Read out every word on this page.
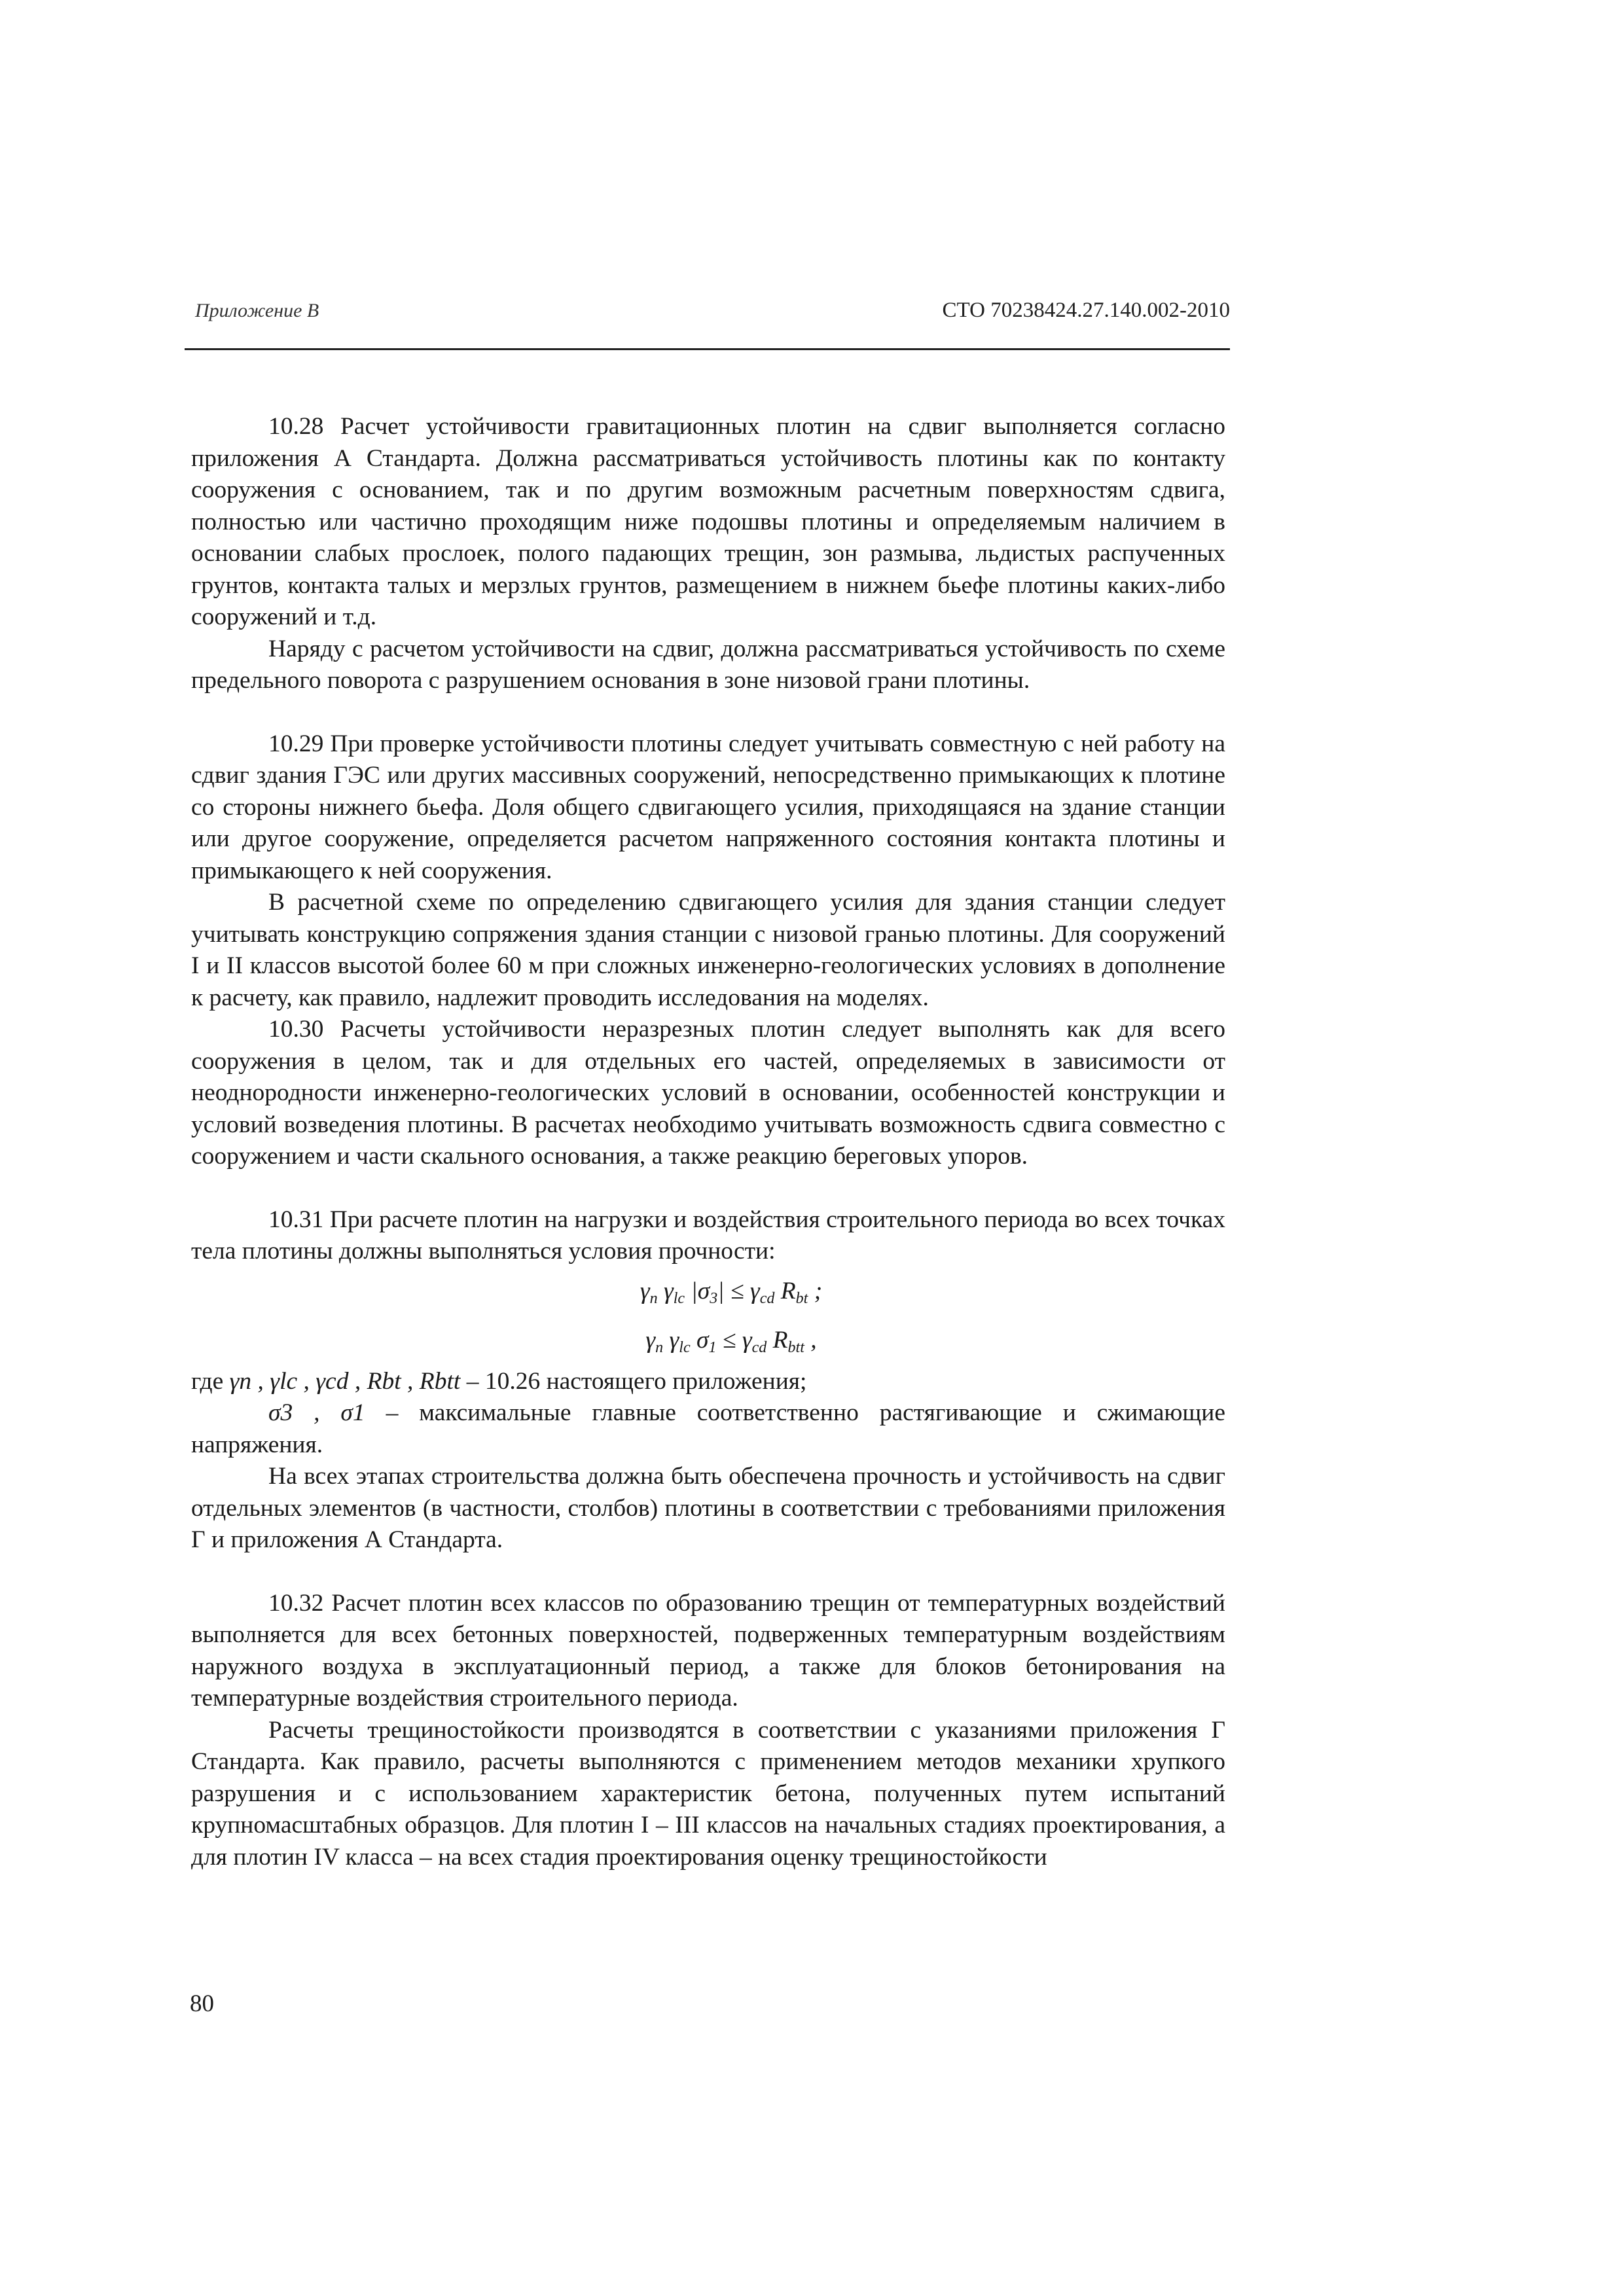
Приложение В	СТО 70238424.27.140.002-2010

10.28 Расчет устойчивости гравитационных плотин на сдвиг выполняется согласно приложения А Стандарта. Должна рассматриваться устойчивость плотины как по контакту сооружения с основанием, так и по другим возможным расчетным поверхностям сдвига, полностью или частично проходящим ниже подошвы плотины и определяемым наличием в основании слабых прослоек, полого падающих трещин, зон размыва, льдистых распученных грунтов, контакта талых и мерзлых грунтов, размещением в нижнем бьефе плотины каких-либо сооружений и т.д.

Наряду с расчетом устойчивости на сдвиг, должна рассматриваться устойчивость по схеме предельного поворота с разрушением основания в зоне низовой грани плотины.

10.29 При проверке устойчивости плотины следует учитывать совместную с ней работу на сдвиг здания ГЭС или других массивных сооружений, непосредственно примыкающих к плотине со стороны нижнего бьефа. Доля общего сдвигающего усилия, приходящаяся на здание станции или другое сооружение, определяется расчетом напряженного состояния контакта плотины и примыкающего к ней сооружения.

В расчетной схеме по определению сдвигающего усилия для здания станции следует учитывать конструкцию сопряжения здания станции с низовой гранью плотины. Для сооружений I и II классов высотой более 60 м при сложных инженерно-геологических условиях в дополнение к расчету, как правило, надлежит проводить исследования на моделях.

10.30 Расчеты устойчивости неразрезных плотин следует выполнять как для всего сооружения в целом, так и для отдельных его частей, определяемых в зависимости от неоднородности инженерно-геологических условий в основании, особенностей конструкции и условий возведения плотины. В расчетах необходимо учитывать возможность сдвига совместно с сооружением и части скального основания, а также реакцию береговых упоров.

10.31 При расчете плотин на нагрузки и воздействия строительного периода во всех точках тела плотины должны выполняться условия прочности:

$\gamma_n$ $\gamma_{lc}$ $|\sigma_3| \le \gamma_{cd}$ $R_{bt}$ ;
$\gamma_n$ $\gamma_{lc}$ $\sigma_1 \le \gamma_{cd}$ $R_{btt}$ ,

где γn , γlc , γcd , Rbt , Rbtt – 10.26 настоящего приложения;

σ3 , σ1 – максимальные главные соответственно растягивающие и сжимающие напряжения.

На всех этапах строительства должна быть обеспечена прочность и устойчивость на сдвиг отдельных элементов (в частности, столбов) плотины в соответствии с требованиями приложения Г и приложения А Стандарта.

10.32 Расчет плотин всех классов по образованию трещин от температурных воздействий выполняется для всех бетонных поверхностей, подверженных температурным воздействиям наружного воздуха в эксплуатационный период, а также для блоков бетонирования на температурные воздействия строительного периода.

Расчеты трещиностойкости производятся в соответствии с указаниями приложения Г Стандарта. Как правило, расчеты выполняются с применением методов механики хрупкого разрушения и с использованием характеристик бетона, полученных путем испытаний крупномасштабных образцов. Для плотин I – III классов на начальных стадиях проектирования, а для плотин IV класса – на всех стадия проектирования оценку трещиностойкости

80
